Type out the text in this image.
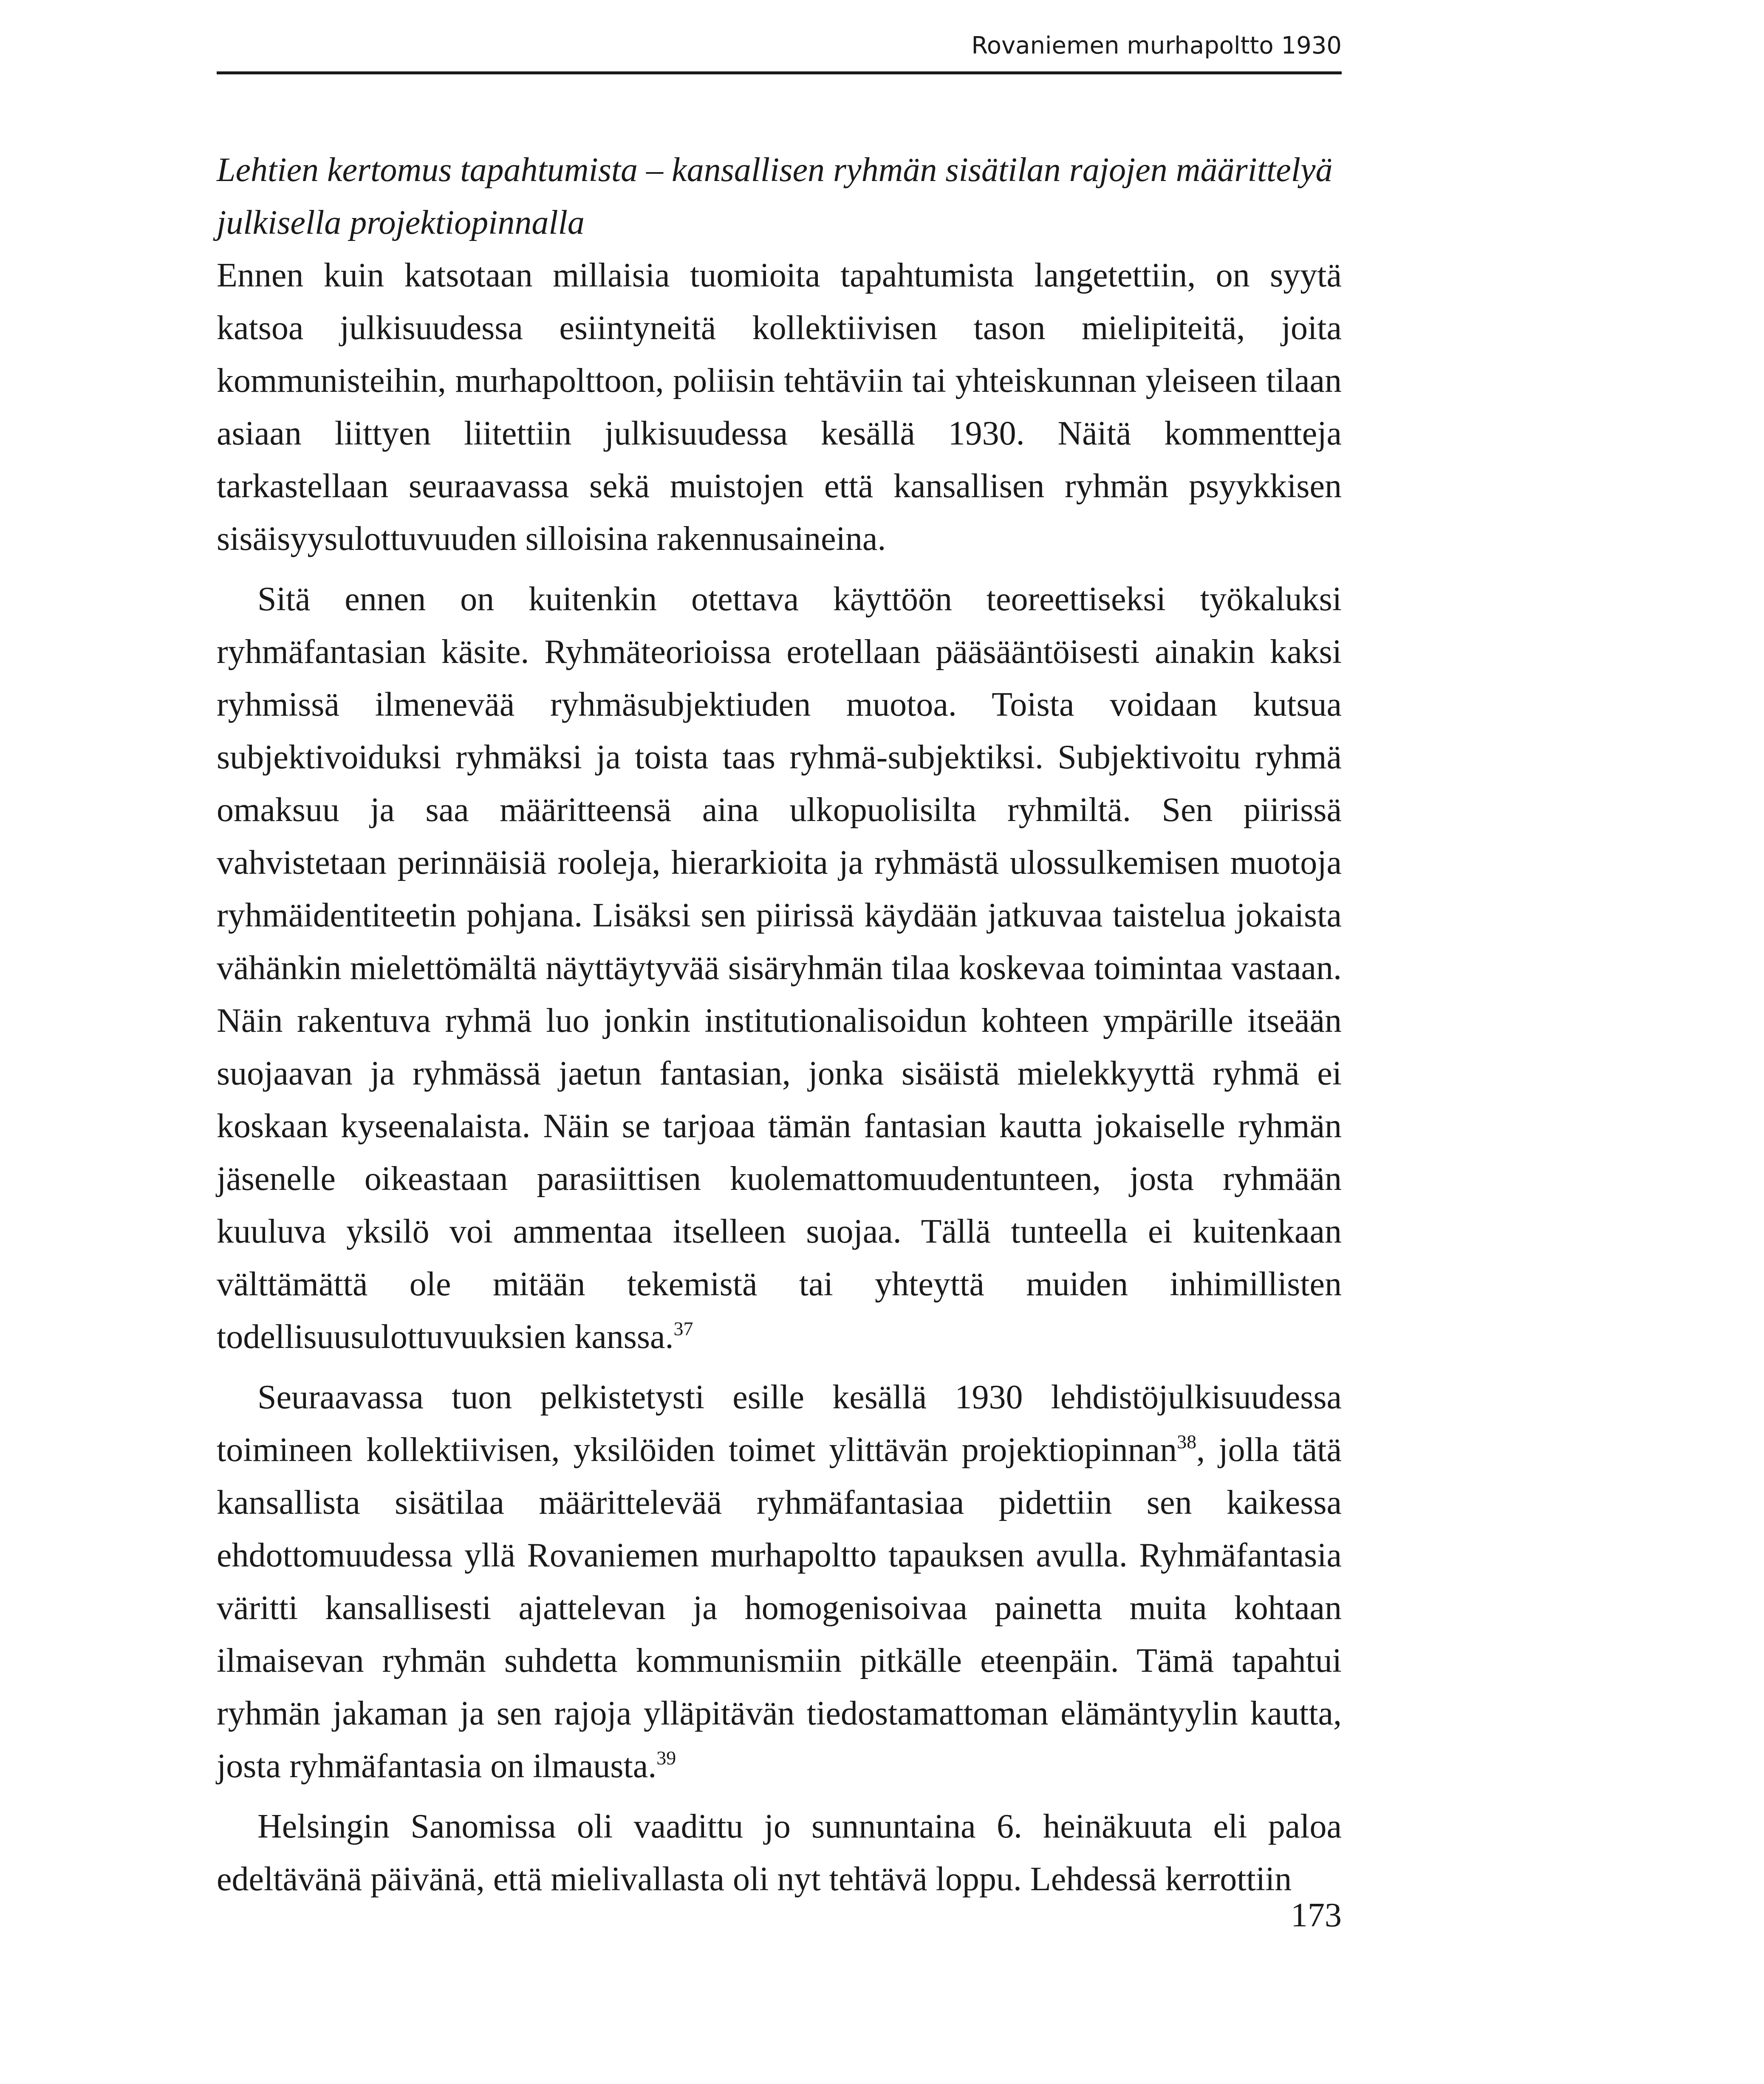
Rovaniemen murhapoltto 1930
Lehtien kertomus tapahtumista – kansallisen ryhmän sisätilan rajojen määrittelyä julkisella projektiopinnalla

Ennen kuin katsotaan millaisia tuomioita tapahtumista langetettiin, on syytä katsoa julkisuudessa esiintyneitä kollektiivisen tason mielipiteitä, joita kommunisteihin, murhapolttoon, poliisin tehtäviin tai yhteiskunnan yleiseen tilaan asiaan liittyen liitettiin julkisuudessa kesällä 1930. Näitä kommentteja tarkastellaan seuraavassa sekä muistojen että kansallisen ryhmän psyykkisen sisäisyysulottuvuuden silloisina rakennusaineina.

Sitä ennen on kuitenkin otettava käyttöön teoreettiseksi työkaluksi ryhmäfantasian käsite. Ryhmäteorioissa erotellaan pääsääntöisesti ainakin kaksi ryhmissä ilmenevää ryhmäsubjektiuden muotoa. Toista voidaan kutsua subjektivoiduksi ryhmäksi ja toista taas ryhmä-subjektiksi. Subjektivoitu ryhmä omaksuu ja saa määritteensä aina ulkopuolisilta ryhmiltä. Sen piirissä vahvistetaan perinnäisiä rooleja, hierarkioita ja ryhmästä ulossulkemisen muotoja ryhmäidentiteetin pohjana. Lisäksi sen piirissä käydään jatkuvaa taistelua jokaista vähänkin mielettömältä näyttäytyvää sisäryhmän tilaa koskevaa toimintaa vastaan. Näin rakentuva ryhmä luo jonkin institutionalisoidun kohteen ympärille itseään suojaavan ja ryhmässä jaetun fantasian, jonka sisäistä mielekkyyttä ryhmä ei koskaan kyseenalaista. Näin se tarjoaa tämän fantasian kautta jokaiselle ryhmän jäsenelle oikeastaan parasiittisen kuolemattomuudentunteen, josta ryhmään kuuluva yksilö voi ammentaa itselleen suojaa. Tällä tunteella ei kuitenkaan välttämättä ole mitään tekemistä tai yhteyttä muiden inhimillisten todellisuusulottuvuuksien kanssa.$^{37}$

Seuraavassa tuon pelkistetysti esille kesällä 1930 lehdistöjulkisuudessa toimineen kollektiivisen, yksilöiden toimet ylittävän projektiopinnan$^{38}$, jolla tätä kansallista sisätilaa määrittelevää ryhmäfantasiaa pidettiin sen kaikessa ehdottomuudessa yllä Rovaniemen murhapoltto tapauksen avulla. Ryhmäfantasia väritti kansallisesti ajattelevan ja homogenisoivaa painetta muita kohtaan ilmaisevan ryhmän suhdetta kommunismiin pitkälle eteenpäin. Tämä tapahtui ryhmän jakaman ja sen rajoja ylläpitävän tiedostamattoman elämäntyylin kautta, josta ryhmäfantasia on ilmausta.$^{39}$

Helsingin Sanomissa oli vaadittu jo sunnuntaina 6. heinäkuuta eli paloa edeltävänä päivänä, että mielivallasta oli nyt tehtävä loppu. Lehdessä kerrottiin

173
